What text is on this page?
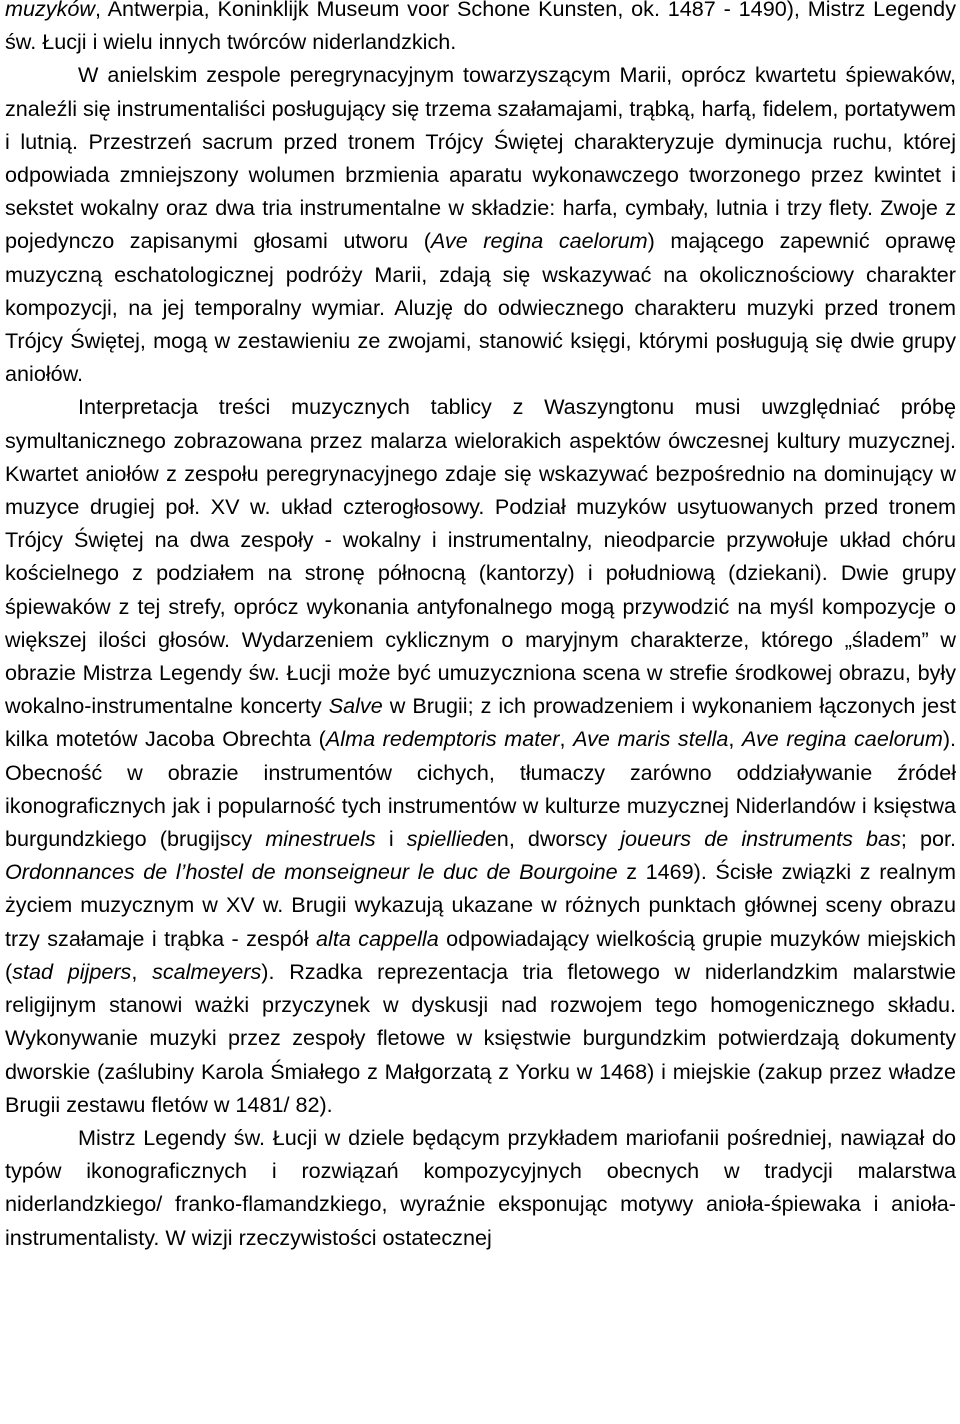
muzyków, Antwerpia, Koninklijk Museum voor Schone Kunsten, ok. 1487 - 1490), Mistrz Legendy św. Łucji i wielu innych twórców niderlandzkich.

W anielskim zespole peregrynacyjnym towarzyszącym Marii, oprócz kwartetu śpiewaków, znaleźli się instrumentaliści posługujący się trzema szałamajami, trąbką, harfą, fidelem, portatywem i lutnią. Przestrzeń sacrum przed tronem Trójcy Świętej charakteryzuje dyminucja ruchu, której odpowiada zmniejszony wolumen brzmienia aparatu wykonawczego tworzonego przez kwintet i sekstet wokalny oraz dwa tria instrumentalne w składzie: harfa, cymbały, lutnia i trzy flety. Zwoje z pojedynczo zapisanymi głosami utworu (Ave regina caelorum) mającego zapewnić oprawę muzyczną eschatologicznej podróży Marii, zdają się wskazywać na okolicznościowy charakter kompozycji, na jej temporalny wymiar. Aluzję do odwiecznego charakteru muzyki przed tronem Trójcy Świętej, mogą w zestawieniu ze zwojami, stanowić księgi, którymi posługują się dwie grupy aniołów.

Interpretacja treści muzycznych tablicy z Waszyngtonu musi uwzględniać próbę symultanicznego zobrazowana przez malarza wielorakich aspektów ówczesnej kultury muzycznej. Kwartet aniołów z zespołu peregrynacyjnego zdaje się wskazywać bezpośrednio na dominujący w muzyce drugiej poł. XV w. układ czterogłosowy. Podział muzyków usytuowanych przed tronem Trójcy Świętej na dwa zespoły - wokalny i instrumentalny, nieodparcie przywołuje układ chóru kościelnego z podziałem na stronę północną (kantorzy) i południową (dziekani). Dwie grupy śpiewaków z tej strefy, oprócz wykonania antyfonalnego mogą przywodzić na myśl kompozycje o większej ilości głosów. Wydarzeniem cyklicznym o maryjnym charakterze, którego „śladem” w obrazie Mistrza Legendy św. Łucji może być umuzyczniona scena w strefie środkowej obrazu, były wokalno-instrumentalne koncerty Salve w Brugii; z ich prowadzeniem i wykonaniem łączonych jest kilka motetów Jacoba Obrechta (Alma redemptoris mater, Ave maris stella, Ave regina caelorum). Obecność w obrazie instrumentów cichych, tłumaczy zarówno oddziaływanie źródeł ikonograficznych jak i popularność tych instrumentów w kulturze muzycznej Niderlandów i księstwa burgundzkiego (brugijscy minestruels i spiellieden, dworscy joueurs de instruments bas; por. Ordonnances de l’hostel de monseigneur le duc de Bourgoine z 1469). Ścisłe związki z realnym życiem muzycznym w XV w. Brugii wykazują ukazane w różnych punktach głównej sceny obrazu trzy szałamaje i trąbka - zespół alta cappella odpowiadający wielkością grupie muzyków miejskich (stad pijpers, scalmeyers). Rzadka reprezentacja tria fletowego w niderlandzkim malarstwie religijnym stanowi ważki przyczynek w dyskusji nad rozwojem tego homogenicznego składu. Wykonywanie muzyki przez zespoły fletowe w księstwie burgundzkim potwierdzają dokumenty dworskie (zaślubiny Karola Śmiałego z Małgorzatą z Yorku w 1468) i miejskie (zakup przez władze Brugii zestawu fletów w 1481/ 82).

Mistrz Legendy św. Łucji w dziele będącym przykładem mariofanii pośredniej, nawiązał do typów ikonograficznych i rozwiązań kompozycyjnych obecnych w tradycji malarstwa niderlandzkiego/ franko-flamandzkiego, wyraźnie eksponując motywy anioła-śpiewaka i anioła-instrumentalisty. W wizji rzeczywistości ostatecznej
